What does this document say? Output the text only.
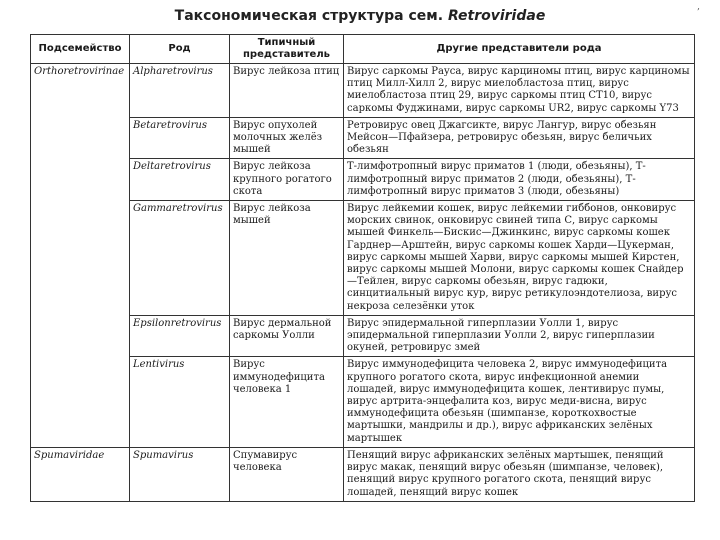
Таксономическая структура сем. Retroviridae
,
Подсемейство	Род	Типичный представитель	Другие представители рода
Orthoretrovirinae	Alpharetrovirus	Вирус лейкоза птиц	Вирус саркомы Рауса, вирус карциномы птиц, вирус карциномы птиц Милл-Хилл 2, вирус миелобластоза птиц, вирус миелобластоза птиц 29, вирус саркомы птиц CT10, вирус саркомы Фуджинами, вирус саркомы UR2, вирус саркомы Y73
	Betaretrovirus	Вирус опухолей молочных желёз мышей	Ретровирус овец Джагсикте, вирус Лангур, вирус обезьян Мейсон—Пфайзера, ретровирус обезьян, вирус беличьих обезьян
	Deltaretrovirus	Вирус лейкоза крупного рогатого скота	Т-лимфотропный вирус приматов 1 (люди, обезьяны), Т-лимфотропный вирус приматов 2 (люди, обезьяны), Т-лимфотропный вирус приматов 3 (люди, обезьяны)
	Gammaretrovirus	Вирус лейкоза мышей	Вирус лейкемии кошек, вирус лейкемии гиббонов, онковирус морских свинок, онковирус свиней типа С, вирус саркомы мышей Финкель—Бискис—Джинкинс, вирус саркомы кошек Гарднер—Арштейн, вирус саркомы кошек Харди—Цукерман, вирус саркомы мышей Харви, вирус саркомы мышей Кирстен, вирус саркомы мышей Молони, вирус саркомы кошек Снайдер—Тейлен, вирус саркомы обезьян, вирус гадюки, синцитиальный вирус кур, вирус ретикулоэндотелиоза, вирус некроза селезёнки уток
	Epsilonretrovirus	Вирус дермальной саркомы Уолли	Вирус эпидермальной гиперплазии Уолли 1, вирус эпидермальной гиперплазии Уолли 2, вирус гиперплазии окуней, ретровирус змей
	Lentivirus	Вирус иммунодефицита человека 1	Вирус иммунодефицита человека 2, вирус иммунодефицита крупного рогатого скота, вирус инфекционной анемии лошадей, вирус иммунодефицита кошек, лентивирус пумы, вирус артрита-энцефалита коз, вирус меди-висна, вирус иммунодефицита обезьян (шимпанзе, короткохвостые мартышки, мандрилы и др.), вирус африканских зелёных мартышек
Spumaviridae	Spumavirus	Спумавирус человека	Пенящий вирус африканских зелёных мартышек, пенящий вирус макак, пенящий вирус обезьян (шимпанзе, человек), пенящий вирус крупного рогатого скота, пенящий вирус лошадей, пенящий вирус кошек
